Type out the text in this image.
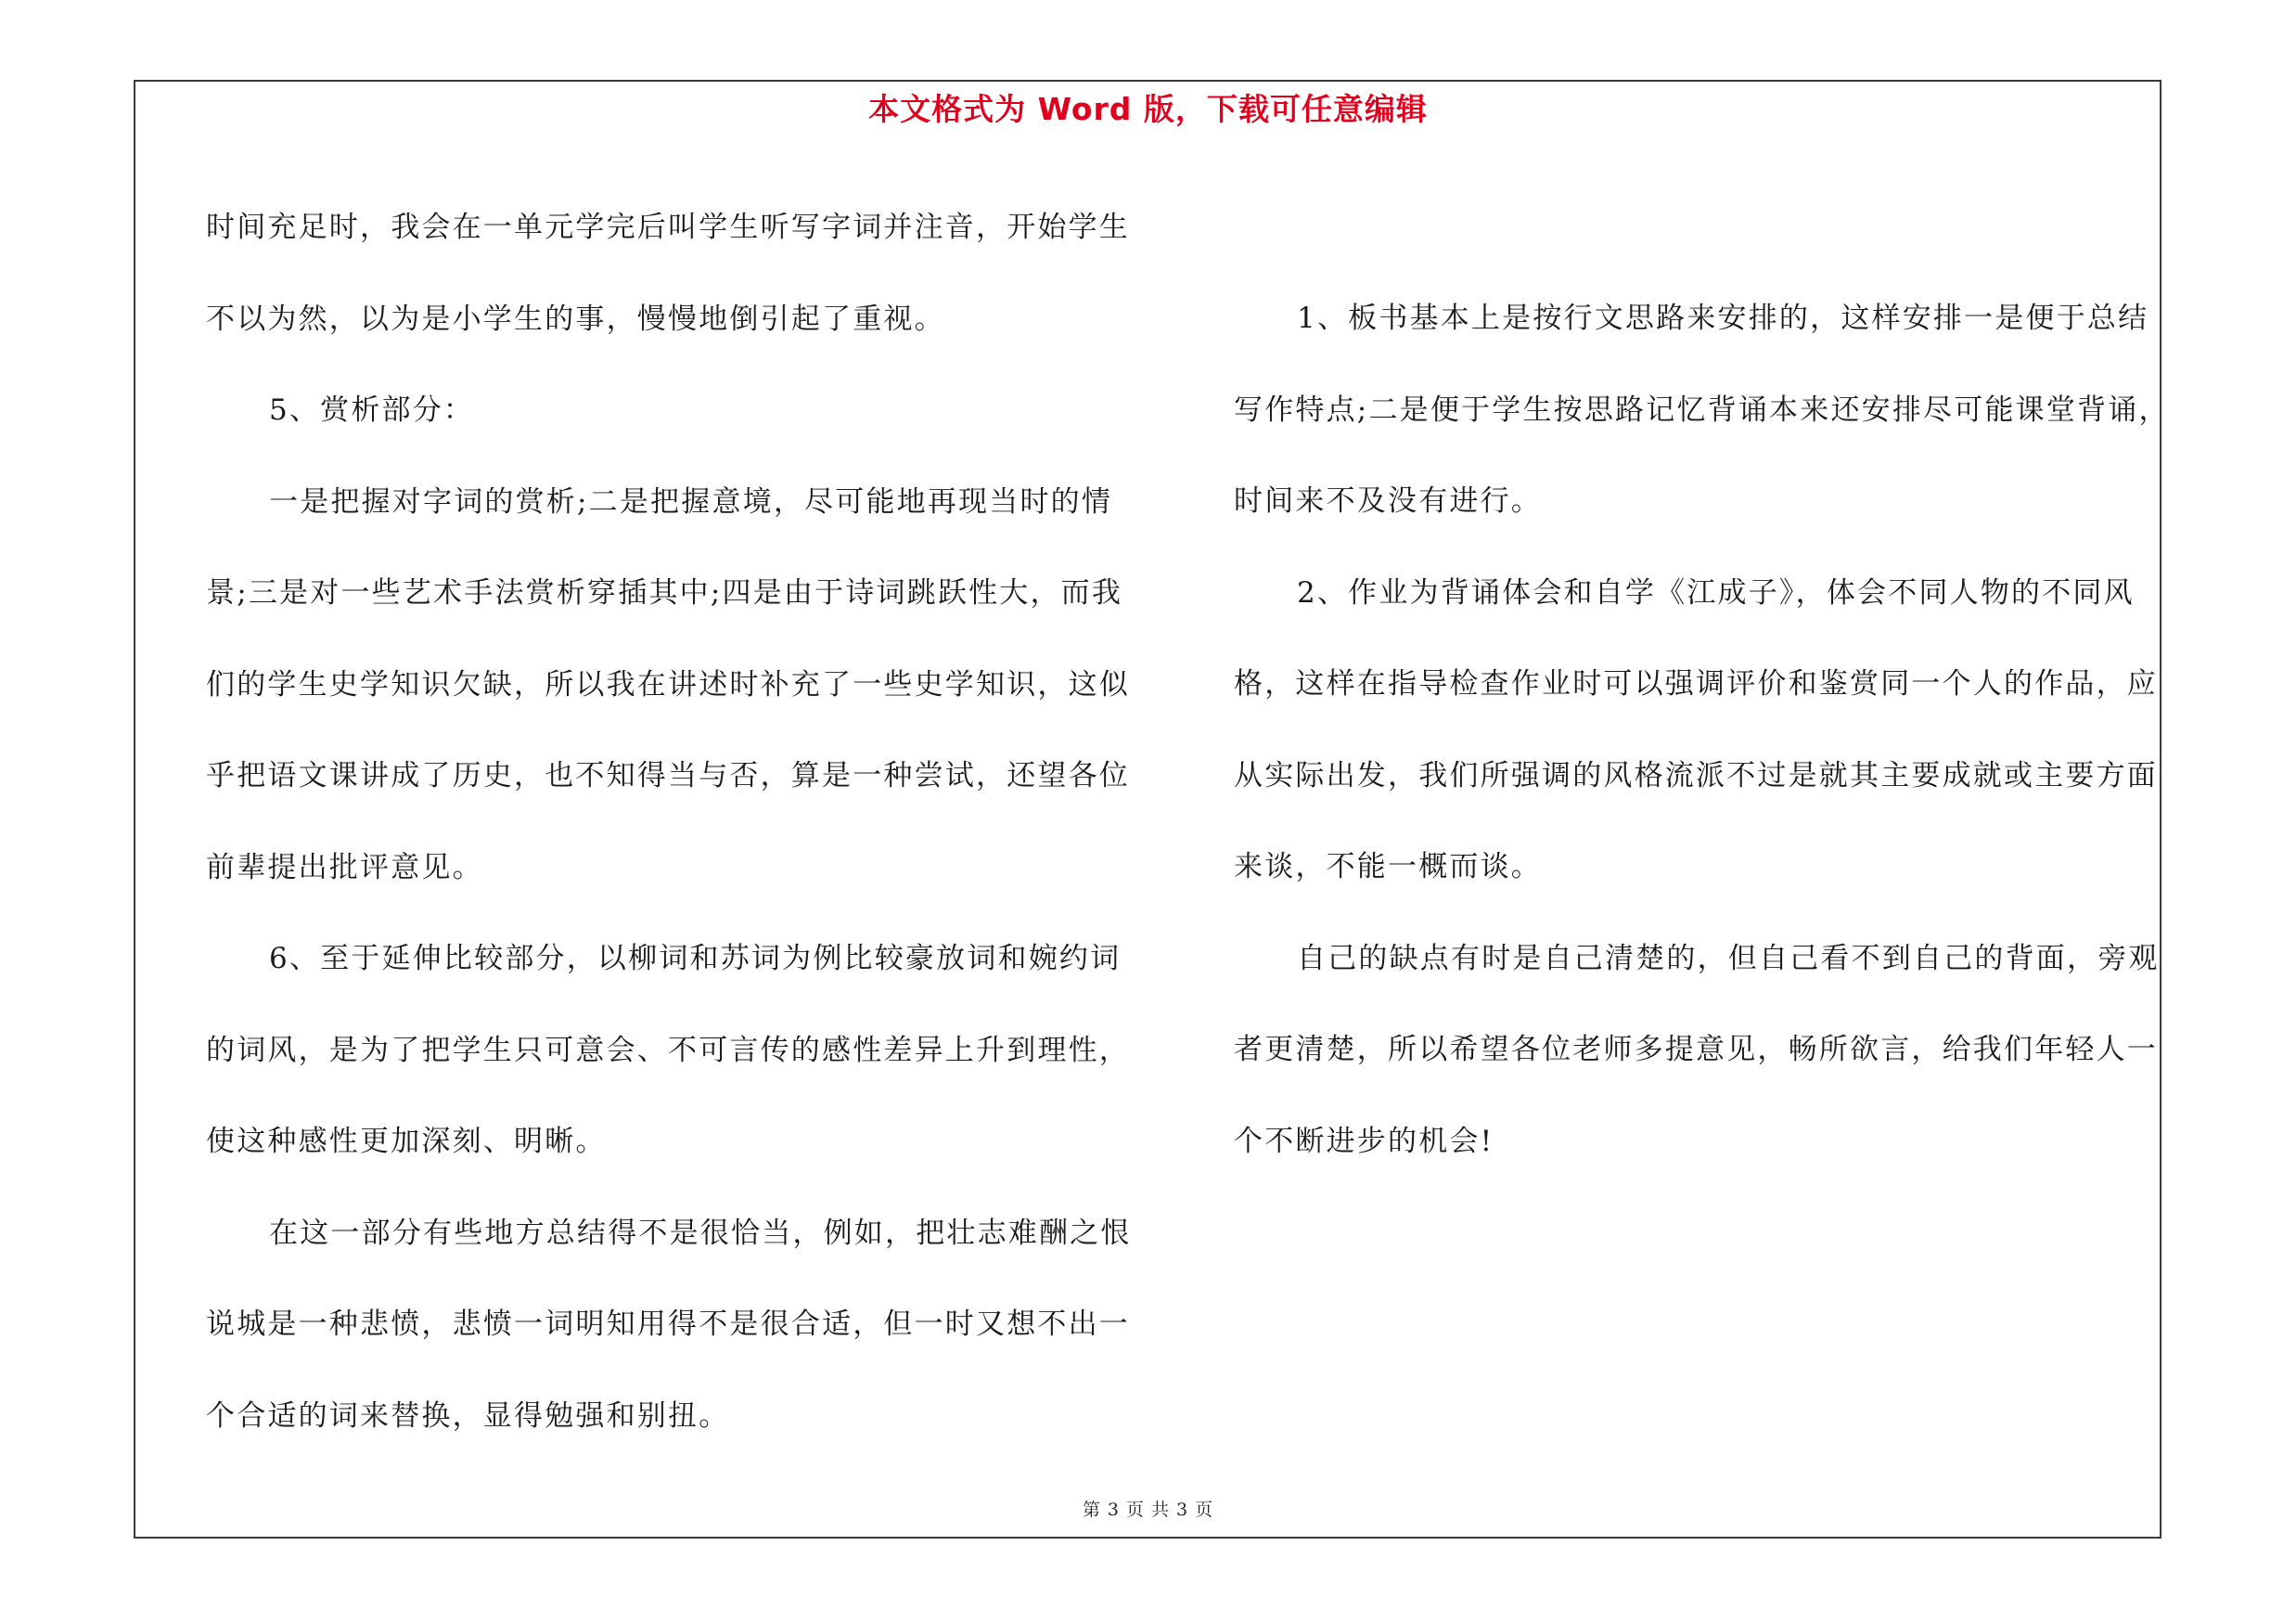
本文格式为 Word 版，下载可任意编辑
时间充足时，我会在一单元学完后叫学生听写字词并注音，开始学生
不以为然，以为是小学生的事，慢慢地倒引起了重视。
5、赏析部分：
一是把握对字词的赏析;二是把握意境，尽可能地再现当时的情
景;三是对一些艺术手法赏析穿插其中;四是由于诗词跳跃性大，而我
们的学生史学知识欠缺，所以我在讲述时补充了一些史学知识，这似
乎把语文课讲成了历史，也不知得当与否，算是一种尝试，还望各位
前辈提出批评意见。
6、至于延伸比较部分，以柳词和苏词为例比较豪放词和婉约词
的词风，是为了把学生只可意会、不可言传的感性差异上升到理性，
使这种感性更加深刻、明晰。
在这一部分有些地方总结得不是很恰当，例如，把壮志难酬之恨
说城是一种悲愤，悲愤一词明知用得不是很合适，但一时又想不出一
个合适的词来替换，显得勉强和别扭。
1、板书基本上是按行文思路来安排的，这样安排一是便于总结
写作特点;二是便于学生按思路记忆背诵本来还安排尽可能课堂背诵，
时间来不及没有进行。
2、作业为背诵体会和自学《江成子》，体会不同人物的不同风
格，这样在指导检查作业时可以强调评价和鉴赏同一个人的作品，应
从实际出发，我们所强调的风格流派不过是就其主要成就或主要方面
来谈，不能一概而谈。
自己的缺点有时是自己清楚的，但自己看不到自己的背面，旁观
者更清楚，所以希望各位老师多提意见，畅所欲言，给我们年轻人一
个不断进步的机会!
第 3 页 共 3 页
